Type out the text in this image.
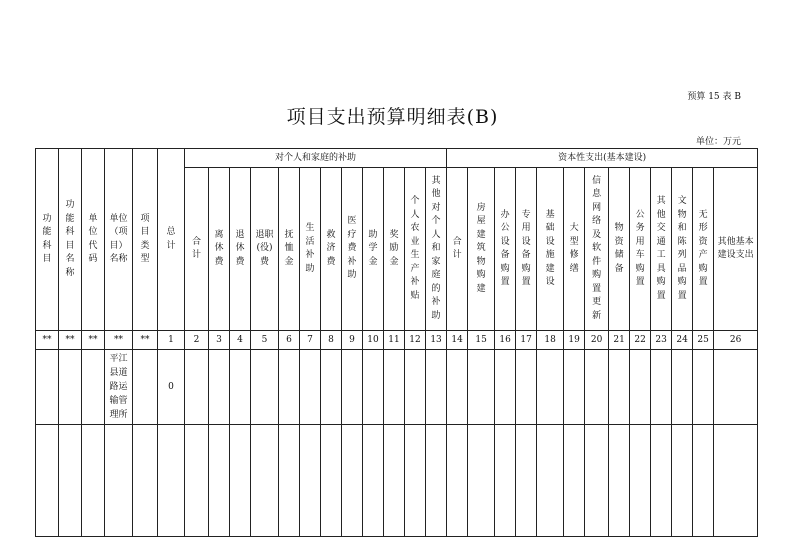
预算 15 表 B
项目支出预算明细表(B)
单位：万元
功能科目	功能科目名称	单位代码	单位（项目）名称	项目类型	总计	对个人和家庭的补助												资本性支出(基本建设)												
						合计	离休费	退休费	退职(役)费	抚恤金	生活补助	救济费	医疗费补助	助学金	奖励金	个人农业生产补贴	其他对个人和家庭的补助	合计	房屋建筑物购建	办公设备购置	专用设备购置	基础设施建设	大型修缮	信息网络及软件购置更新	物资储备	公务用车购置	其他交通工具购置	文物和陈列品购置	无形资产购置	其他基本建设支出
**	**	**	**	**	1	2	3	4	5	6	7	8	9	10	11	12	13	14	15	16	17	18	19	20	21	22	23	24	25	26
			平江县道路运输管理所		0																									
